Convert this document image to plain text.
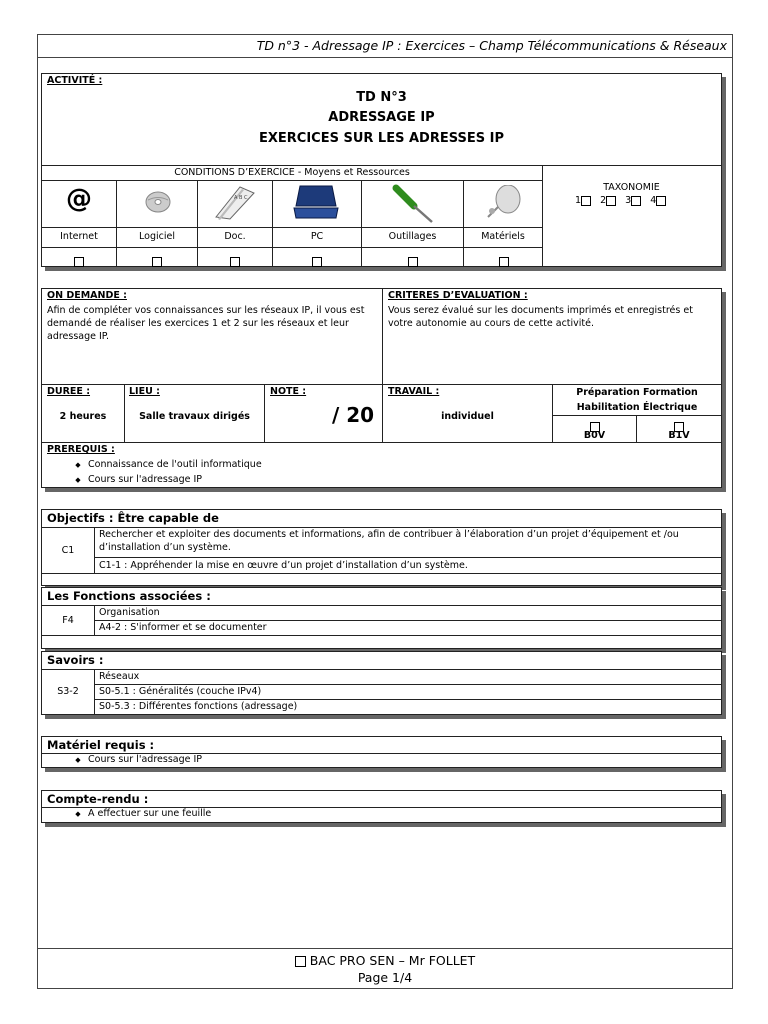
TD n°3 - Adressage IP : Exercices – Champ Télécommunications & Réseaux
ACTIVITÉ :
TD N°3
ADRESSAGE IP
EXERCICES SUR LES ADRESSES IP
CONDITIONS D’EXERCICE - Moyens et Ressources
@	A B C
Internet	Logiciel	Doc.	PC	Outillages	Matériels
TAXONOMIE
1 2 3 4
ON DEMANDE :
Afin de compléter vos connaissances sur les réseaux IP, il vous est demandé de réaliser les exercices 1 et 2 sur les réseaux et leur adressage IP.
CRITERES D’EVALUATION :
Vous serez évalué sur les documents imprimés et enregistrés et votre autonomie au cours de cette activité.
DUREE :
2 heures
LIEU :
Salle travaux dirigés
NOTE :
/ 20
TRAVAIL :
individuel
Préparation Formation
Habilitation Électrique
B0V	B1V
PREREQUIS :
◆ Connaissance de l'outil informatique
◆ Cours sur l'adressage IP
Objectifs : Être capable de
C1
Rechercher et exploiter des documents et informations, afin de contribuer à l’élaboration d’un projet d’équipement et /ou d’installation d’un système.
C1-1 : Appréhender la mise en œuvre d’un projet d’installation d’un système.
Les Fonctions associées :
F4
Organisation
A4-2 : S'informer et se documenter
Savoirs :
S3-2
Réseaux
S0-5.1 : Généralités (couche IPv4)
S0-5.3 : Différentes fonctions (adressage)
Matériel requis :
◆ Cours sur l'adressage IP
Compte-rendu :
◆ A effectuer sur une feuille
BAC PRO SEN – Mr FOLLET
Page 1/4
